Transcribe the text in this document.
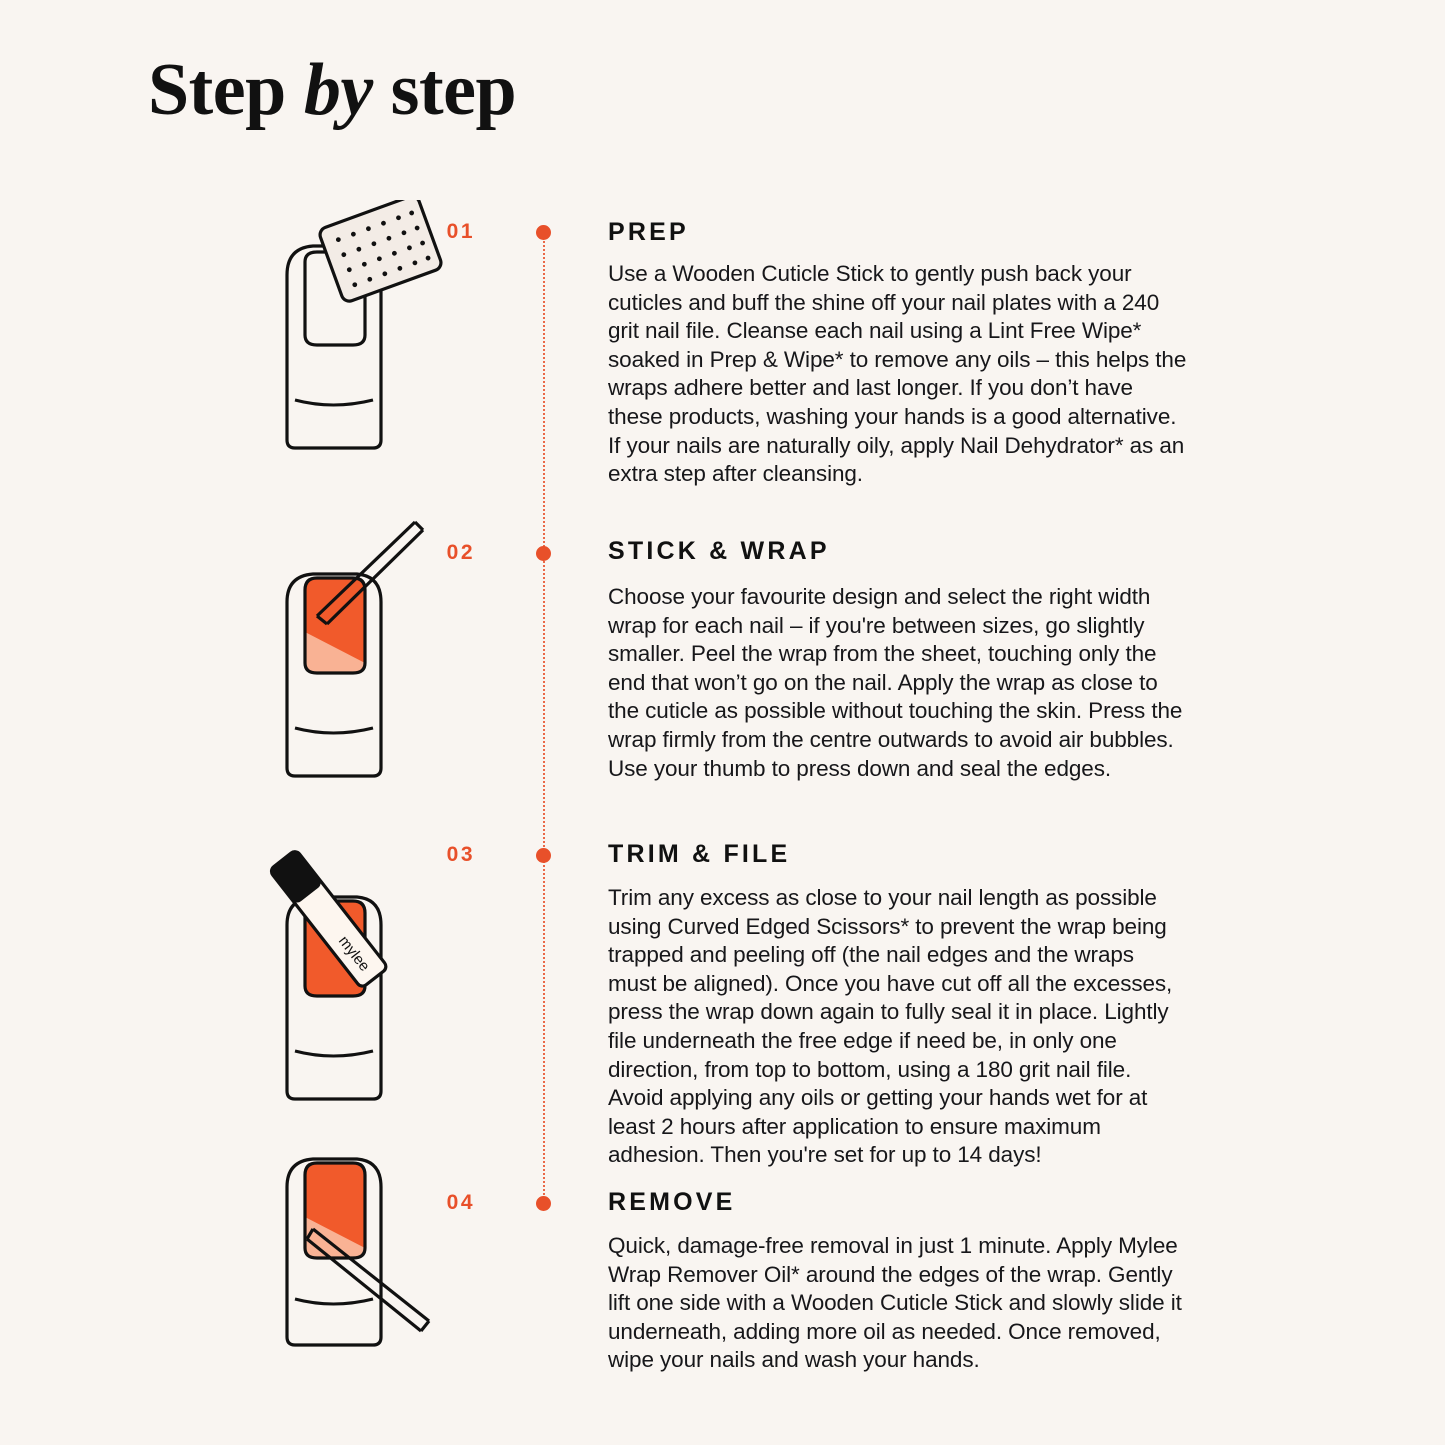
Step by step
01	PREP
Use a Wooden Cuticle Stick to gently push back your cuticles and buff the shine off your nail plates with a 240 grit nail file. Cleanse each nail using a Lint Free Wipe* soaked in Prep & Wipe* to remove any oils – this helps the wraps adhere better and last longer. If you don’t have these products, washing your hands is a good alternative. If your nails are naturally oily, apply Nail Dehydrator* as an extra step after cleansing.
02	STICK & WRAP
Choose your favourite design and select the right width wrap for each nail – if you're between sizes, go slightly smaller. Peel the wrap from the sheet, touching only the end that won’t go on the nail. Apply the wrap as close to the cuticle as possible without touching the skin. Press the wrap firmly from the centre outwards to avoid air bubbles. Use your thumb to press down and seal the edges.
03	TRIM & FILE
Trim any excess as close to your nail length as possible using Curved Edged Scissors* to prevent the wrap being trapped and peeling off (the nail edges and the wraps must be aligned). Once you have cut off all the excesses, press the wrap down again to fully seal it in place. Lightly file underneath the free edge if need be, in only one direction, from top to bottom, using a 180 grit nail file. Avoid applying any oils or getting your hands wet for at least 2 hours after application to ensure maximum adhesion. Then you're set for up to 14 days!
mylee
04	REMOVE
Quick, damage-free removal in just 1 minute. Apply Mylee Wrap Remover Oil* around the edges of the wrap. Gently lift one side with a Wooden Cuticle Stick and slowly slide it underneath, adding more oil as needed. Once removed, wipe your nails and wash your hands.
